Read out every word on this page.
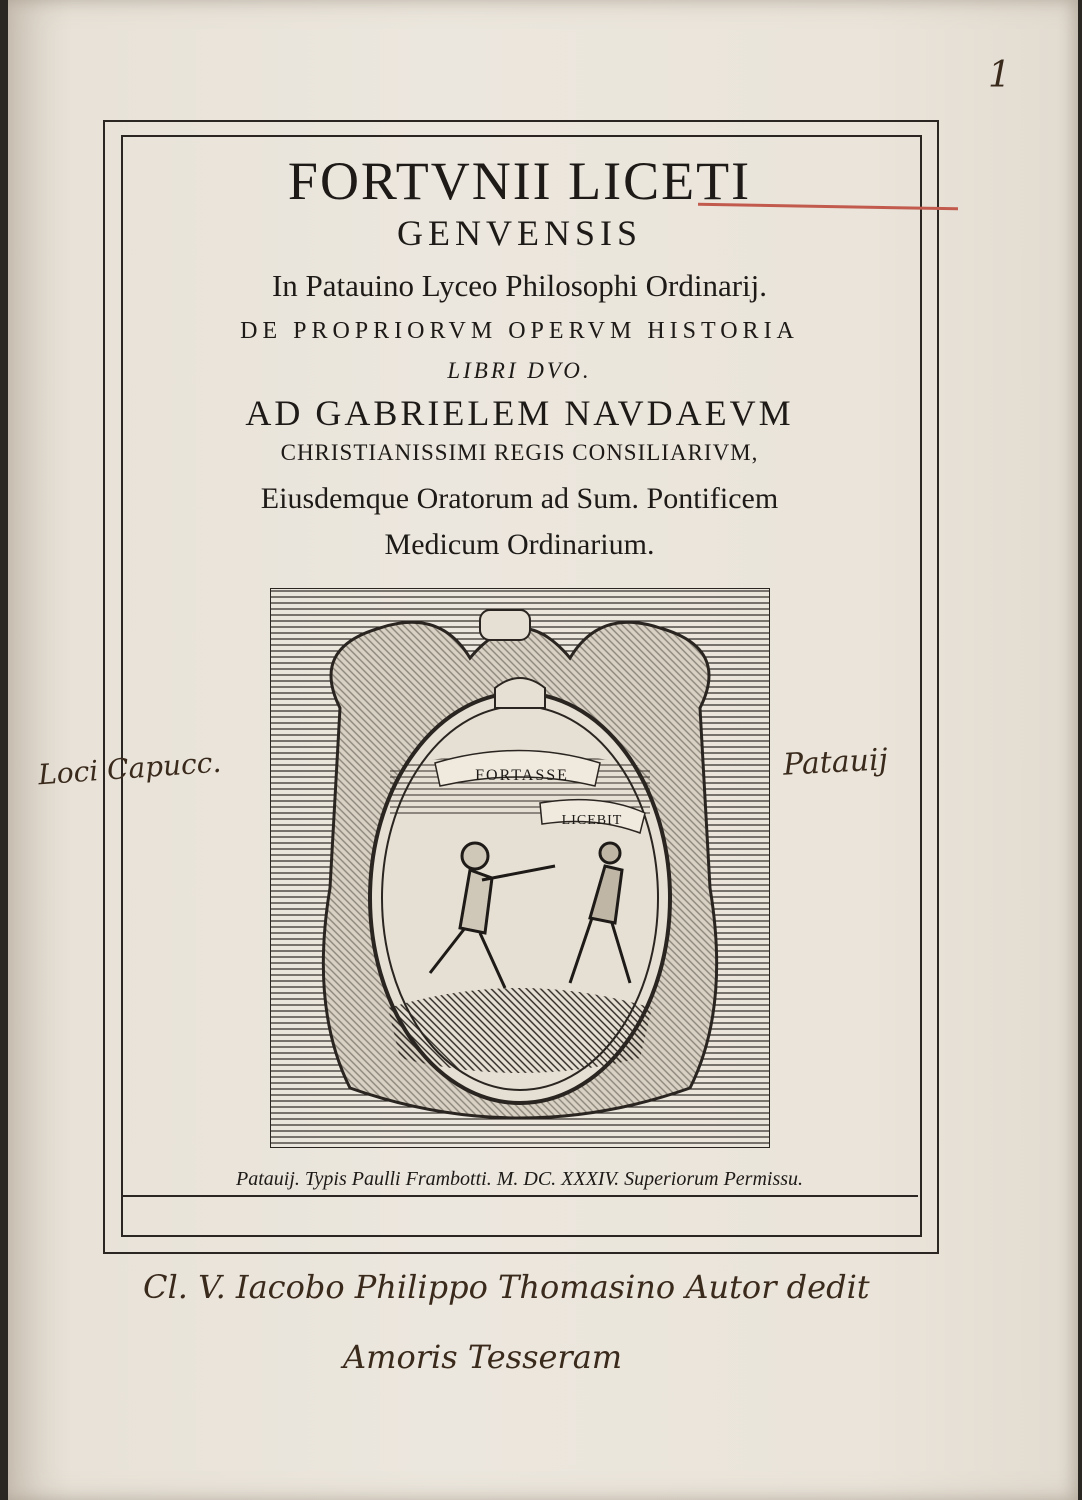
FORTVNII LICETI
GENVENSIS
In Patauino Lyceo Philosophi Ordinarij.
DE PROPRIORVM OPERVM HISTORIA
LIBRI DVO.
AD GABRIELEM NAVDAEVM
CHRISTIANISSIMI REGIS CONSILIARIVM,
Eiusdemque Oratorum ad Sum. Pontificem
Medicum Ordinarium.
FORTASSE
LICEBIT
Patauij. Typis Paulli Frambotti. M. DC. XXXIV. Superiorum Permissu.
1
Loci Capucc.	Patauij
Cl. V. Iacobo Philippo Thomasino Autor dedit
Amoris Tesseram
